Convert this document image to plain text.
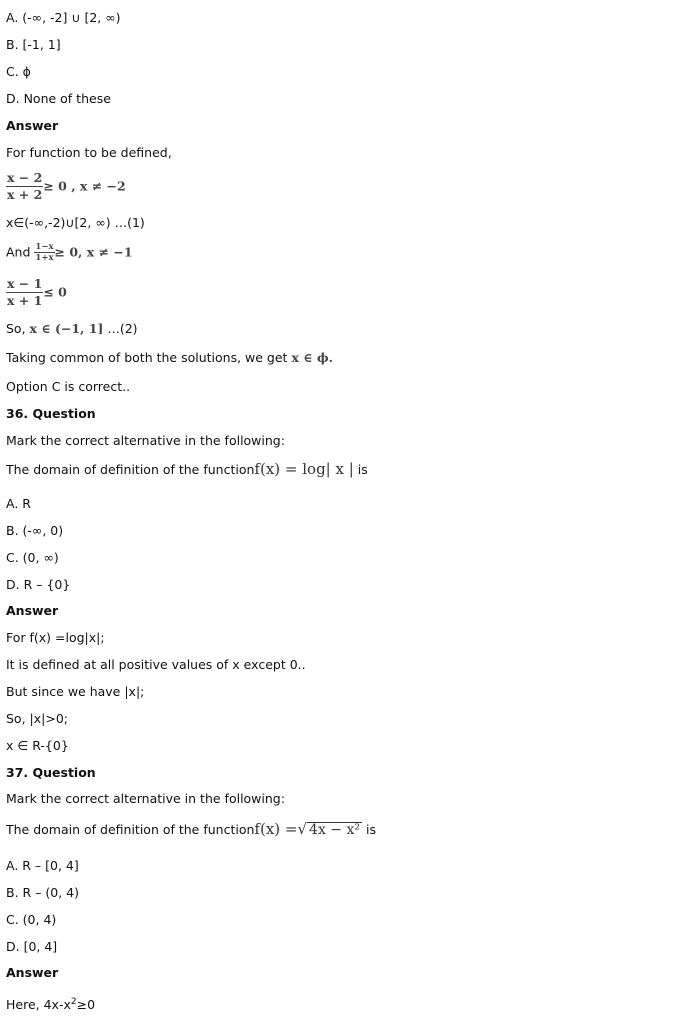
A. (-∞, -2] ∪ [2, ∞)
B. [-1, 1]
C. ϕ
D. None of these
Answer
For function to be defined,
$\frac{x - 2}{x + 2} \ge 0$ , x ≠ −2
x∈(-∞,-2)∪[2, ∞) …(1)
And $\frac{1-x}{1+x} \ge 0$, x ≠ −1
$\frac{x - 1}{x + 1} \le 0$
So, x ∈ (−1, 1] …(2)
Taking common of both the solutions, we get x ∈ ϕ.
Option C is correct..
36. Question
Mark the correct alternative in the following:
The domain of definition of the functionf(x) = log| x | is
A. R
B. (-∞, 0)
C. (0, ∞)
D. R – {0}
Answer
For f(x) =log|x|;
It is defined at all positive values of x except 0..
But since we have |x|;
So, |x|>0;
x ∈ R-{0}
37. Question
Mark the correct alternative in the following:
The domain of definition of the functionf(x) =√ 4x − x² is
A. R – [0, 4]
B. R – (0, 4)
C. (0, 4)
D. [0, 4]
Answer
Here, $4x-x^2\ge 0$
